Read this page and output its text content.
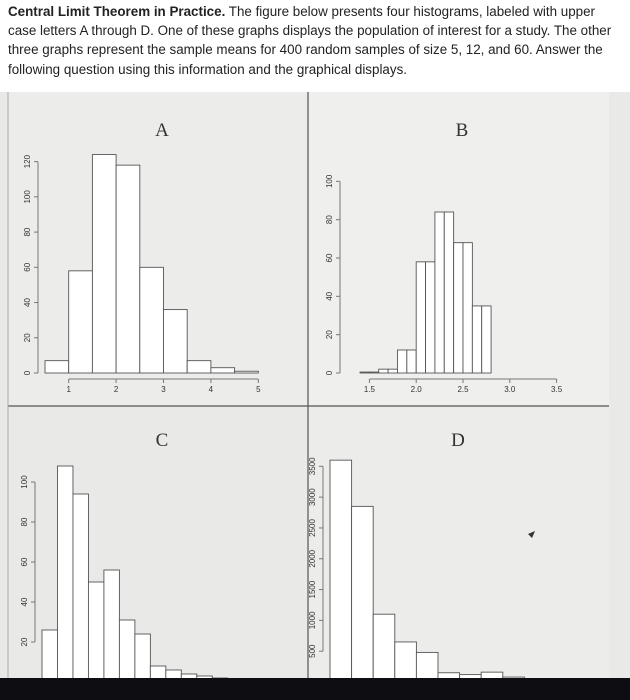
Central Limit Theorem in Practice. The figure below presents four histograms, labeled with upper case letters A through D. One of these graphs displays the population of interest for a study. The other three graphs represent the sample means for 400 random samples of size 5, 12, and 60. Answer the following question using this information and the graphical displays.

A
0
20
40
60
80
100
120
1	2	3	4	5
B
0
20
40
60
80
100
1.5	2.0	2.5	3.0	3.5
C
20
40
60
80
100
D
500
1000
1500
2000
2500
3000
3500
